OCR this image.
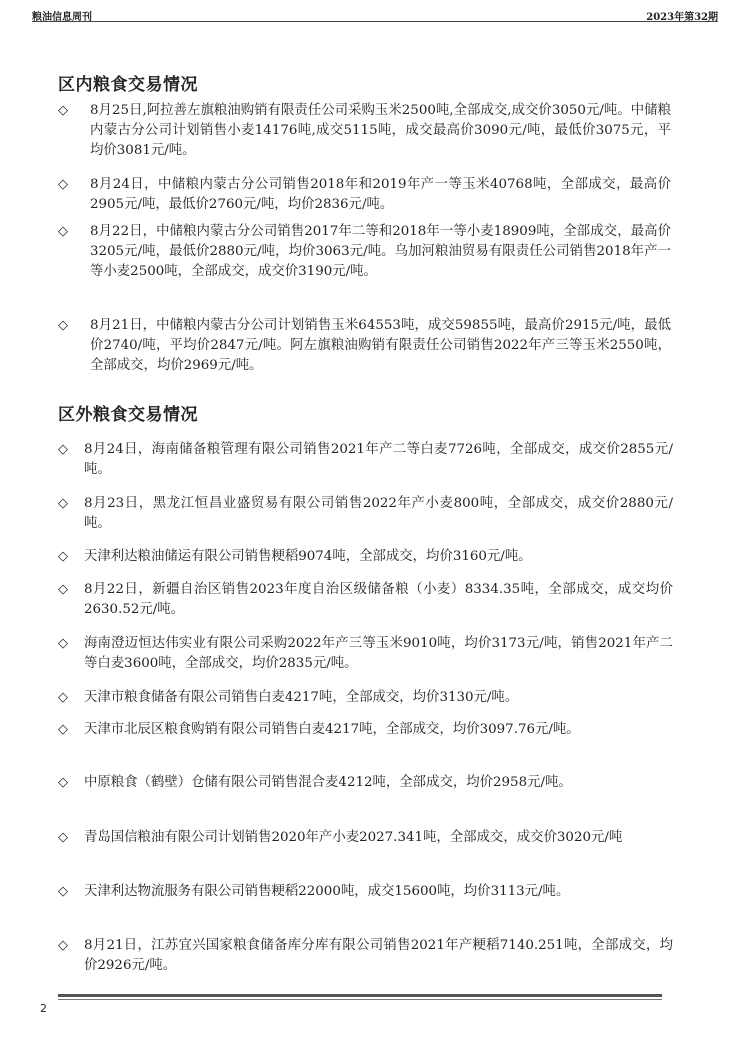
粮油信息周刊	2023年第32期
区内粮食交易情况
◇	8月25日,阿拉善左旗粮油购销有限责任公司采购玉米2500吨,全部成交,成交价3050元/吨。中储粮内蒙古分公司计划销售小麦14176吨,成交5115吨，成交最高价3090元/吨，最低价3075元，平均价3081元/吨。
◇	8月24日，中储粮内蒙古分公司销售2018年和2019年产一等玉米40768吨，全部成交，最高价2905元/吨，最低价2760元/吨，均价2836元/吨。
◇	8月22日，中储粮内蒙古分公司销售2017年二等和2018年一等小麦18909吨，全部成交，最高价3205元/吨，最低价2880元/吨，均价3063元/吨。乌加河粮油贸易有限责任公司销售2018年产一等小麦2500吨，全部成交，成交价3190元/吨。
◇	8月21日，中储粮内蒙古分公司计划销售玉米64553吨，成交59855吨，最高价2915元/吨，最低价2740/吨，平均价2847元/吨。阿左旗粮油购销有限责任公司销售2022年产三等玉米2550吨，全部成交，均价2969元/吨。
区外粮食交易情况
◇	8月24日，海南储备粮管理有限公司销售2021年产二等白麦7726吨，全部成交，成交价2855元/吨。
◇	8月23日，黑龙江恒昌业盛贸易有限公司销售2022年产小麦800吨，全部成交，成交价2880元/吨。
◇	天津利达粮油储运有限公司销售粳稻9074吨，全部成交，均价3160元/吨。
◇	8月22日，新疆自治区销售2023年度自治区级储备粮（小麦）8334.35吨，全部成交，成交均价2630.52元/吨。
◇	海南澄迈恒达伟实业有限公司采购2022年产三等玉米9010吨，均价3173元/吨，销售2021年产二等白麦3600吨，全部成交，均价2835元/吨。
◇	天津市粮食储备有限公司销售白麦4217吨，全部成交，均价3130元/吨。
◇	天津市北辰区粮食购销有限公司销售白麦4217吨，全部成交，均价3097.76元/吨。
◇	中原粮食（鹤壁）仓储有限公司销售混合麦4212吨，全部成交，均价2958元/吨。
◇	青岛国信粮油有限公司计划销售2020年产小麦2027.341吨，全部成交，成交价3020元/吨
◇	天津利达物流服务有限公司销售粳稻22000吨，成交15600吨，均价3113元/吨。
◇	8月21日，江苏宜兴国家粮食储备库分库有限公司销售2021年产粳稻7140.251吨，全部成交，均价2926元/吨。
2
